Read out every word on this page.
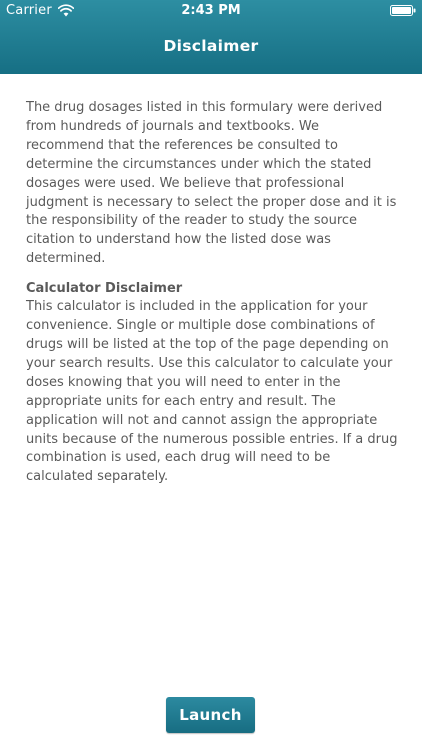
Carrier	2:43 PM
Disclaimer

The drug dosages listed in this formulary were derived from hundreds of journals and textbooks. We recommend that the references be consulted to determine the circumstances under which the stated dosages were used. We believe that professional judgment is necessary to select the proper dose and it is the responsibility of the reader to study the source citation to understand how the listed dose was determined.

Calculator Disclaimer

This calculator is included in the application for your convenience. Single or multiple dose combinations of drugs will be listed at the top of the page depending on your search results. Use this calculator to calculate your doses knowing that you will need to enter in the appropriate units for each entry and result. The application will not and cannot assign the appropriate units because of the numerous possible entries. If a drug combination is used, each drug will need to be calculated separately.

Launch
